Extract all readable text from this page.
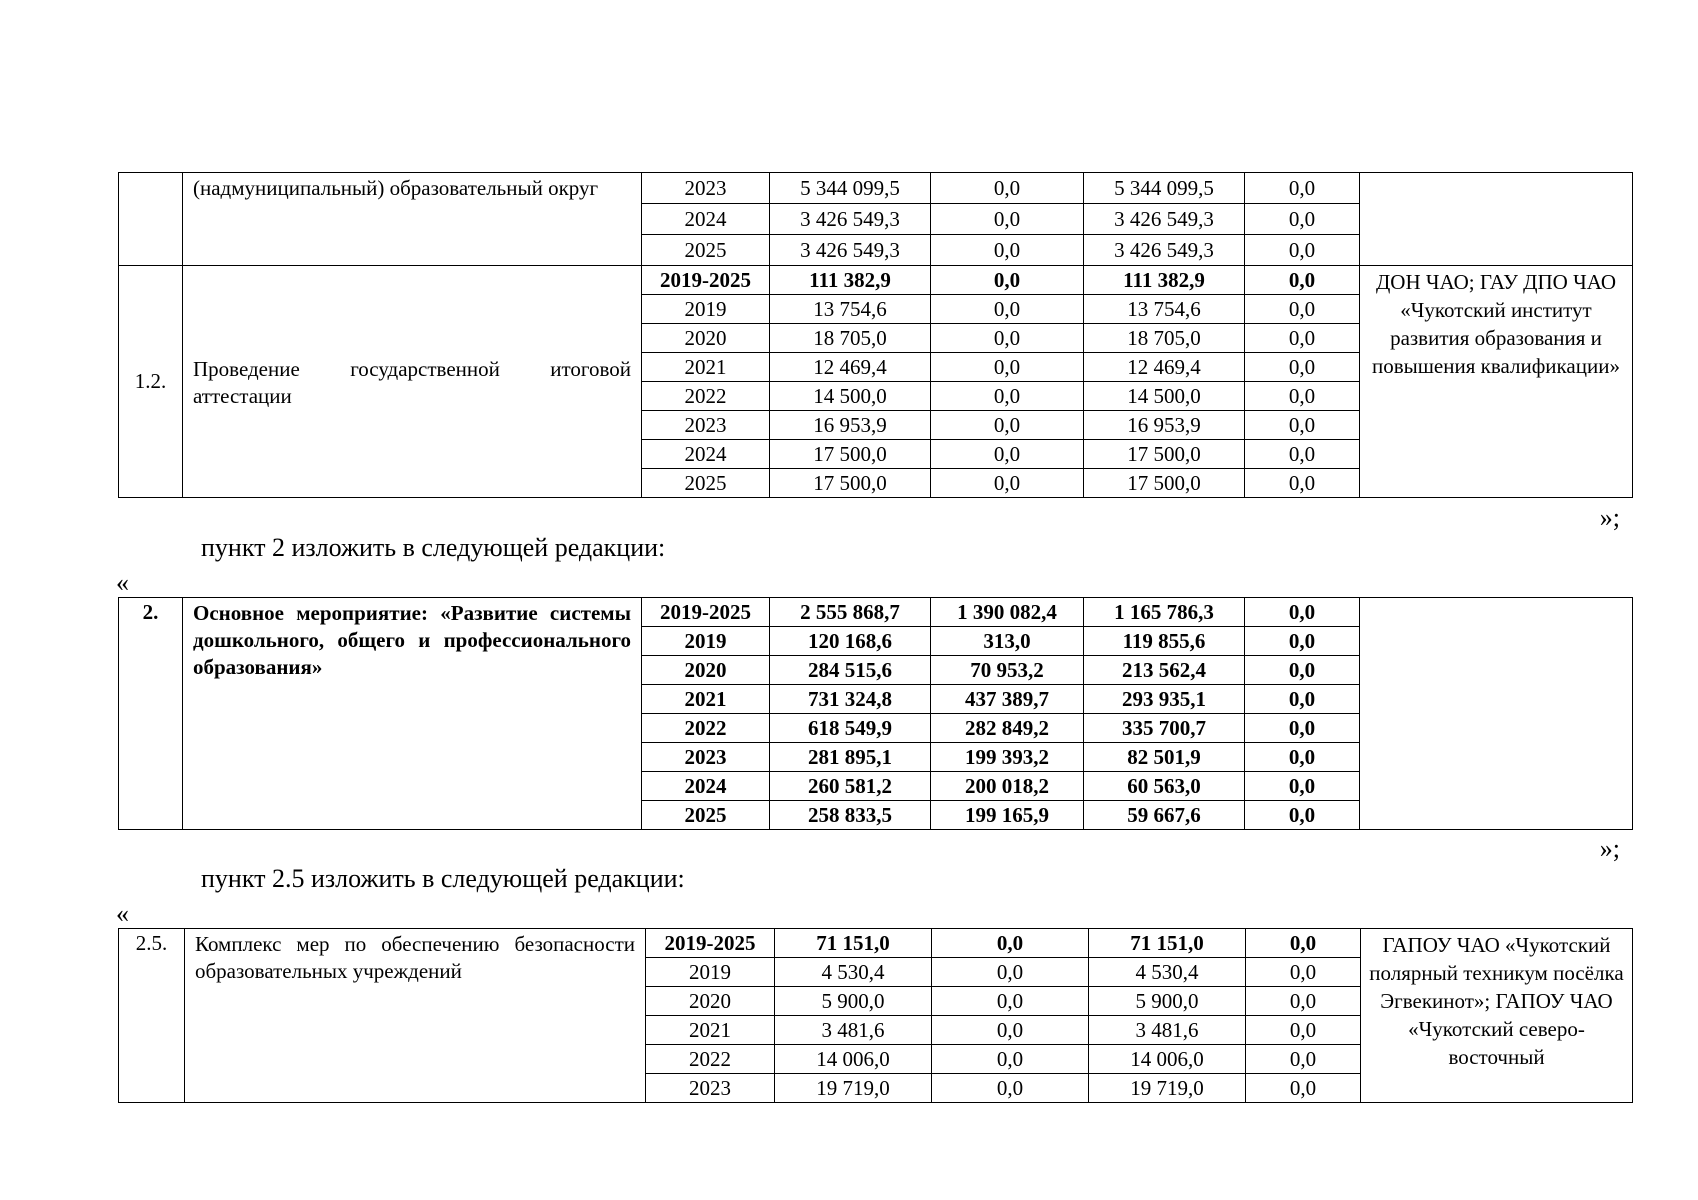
	(надмуниципальный) образовательный округ	2023	5 344 099,5	0,0	5 344 099,5	0,0	
		2024	3 426 549,3	0,0	3 426 549,3	0,0	
		2025	3 426 549,3	0,0	3 426 549,3	0,0	
1.2.	Проведение государственной итоговой аттестации	2019-2025	111 382,9	0,0	111 382,9	0,0	ДОН ЧАО; ГАУ ДПО ЧАО «Чукотский институт развития образования и повышения квалификации»
		2019	13 754,6	0,0	13 754,6	0,0	
		2020	18 705,0	0,0	18 705,0	0,0	
		2021	12 469,4	0,0	12 469,4	0,0	
		2022	14 500,0	0,0	14 500,0	0,0	
		2023	16 953,9	0,0	16 953,9	0,0	
		2024	17 500,0	0,0	17 500,0	0,0	
		2025	17 500,0	0,0	17 500,0	0,0	

»;

пункт 2 изложить в следующей редакции:

«

2.	Основное мероприятие: «Развитие системы дошкольного, общего и профессионального образования»	2019-2025	2 555 868,7	1 390 082,4	1 165 786,3	0,0	
		2019	120 168,6	313,0	119 855,6	0,0	
		2020	284 515,6	70 953,2	213 562,4	0,0	
		2021	731 324,8	437 389,7	293 935,1	0,0	
		2022	618 549,9	282 849,2	335 700,7	0,0	
		2023	281 895,1	199 393,2	82 501,9	0,0	
		2024	260 581,2	200 018,2	60 563,0	0,0	
		2025	258 833,5	199 165,9	59 667,6	0,0	

»;

пункт 2.5 изложить в следующей редакции:

«

2.5.	Комплекс мер по обеспечению безопасности образовательных учреждений	2019-2025	71 151,0	0,0	71 151,0	0,0	ГАПОУ ЧАО «Чукотский полярный техникум посёлка Эгвекинот»; ГАПОУ ЧАО «Чукотский северо-восточный
		2019	4 530,4	0,0	4 530,4	0,0	
		2020	5 900,0	0,0	5 900,0	0,0	
		2021	3 481,6	0,0	3 481,6	0,0	
		2022	14 006,0	0,0	14 006,0	0,0	
		2023	19 719,0	0,0	19 719,0	0,0	
